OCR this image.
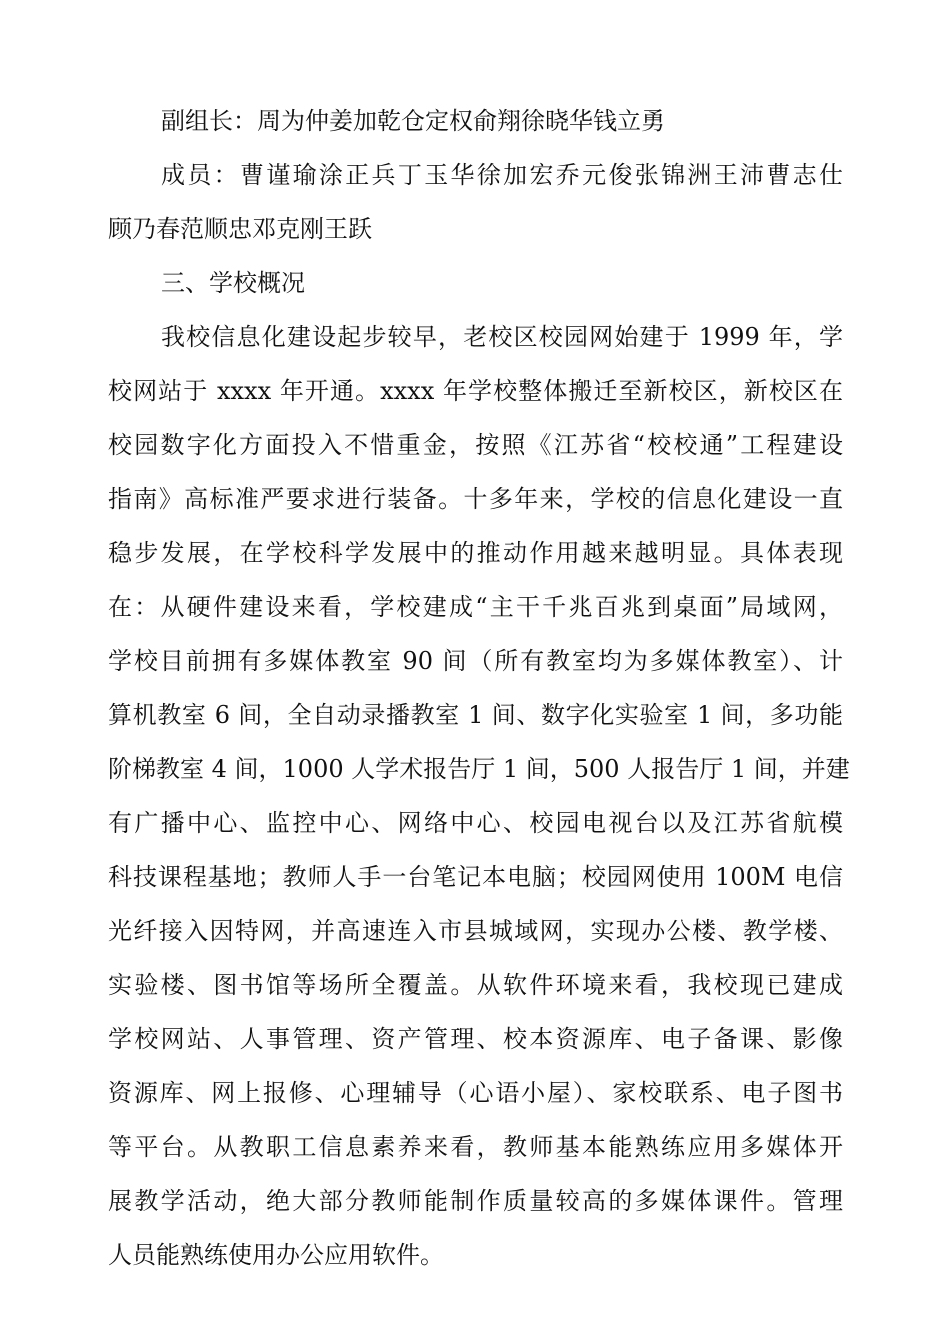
副组长：周为仲姜加乾仓定权俞翔徐晓华钱立勇
成员：曹谨瑜涂正兵丁玉华徐加宏乔元俊张锦洲王沛曹志仕
顾乃春范顺忠邓克刚王跃
三、学校概况
我校信息化建设起步较早，老校区校园网始建于 1999 年，学
校网站于 xxxx 年开通。xxxx 年学校整体搬迁至新校区，新校区在
校园数字化方面投入不惜重金，按照《江苏省“校校通”工程建设
指南》高标准严要求进行装备。十多年来，学校的信息化建设一直
稳步发展，在学校科学发展中的推动作用越来越明显。具体表现
在：从硬件建设来看，学校建成“主干千兆百兆到桌面”局域网，
学校目前拥有多媒体教室 90 间（所有教室均为多媒体教室）、计
算机教室 6 间，全自动录播教室 1 间、数字化实验室 1 间，多功能
阶梯教室 4 间，1000 人学术报告厅 1 间，500 人报告厅 1 间，并建
有广播中心、监控中心、网络中心、校园电视台以及江苏省航模
科技课程基地；教师人手一台笔记本电脑；校园网使用 100M 电信
光纤接入因特网，并高速连入市县城域网，实现办公楼、教学楼、
实验楼、图书馆等场所全覆盖。从软件环境来看，我校现已建成
学校网站、人事管理、资产管理、校本资源库、电子备课、影像
资源库、网上报修、心理辅导（心语小屋）、家校联系、电子图书
等平台。从教职工信息素养来看，教师基本能熟练应用多媒体开
展教学活动，绝大部分教师能制作质量较高的多媒体课件。管理
人员能熟练使用办公应用软件。
